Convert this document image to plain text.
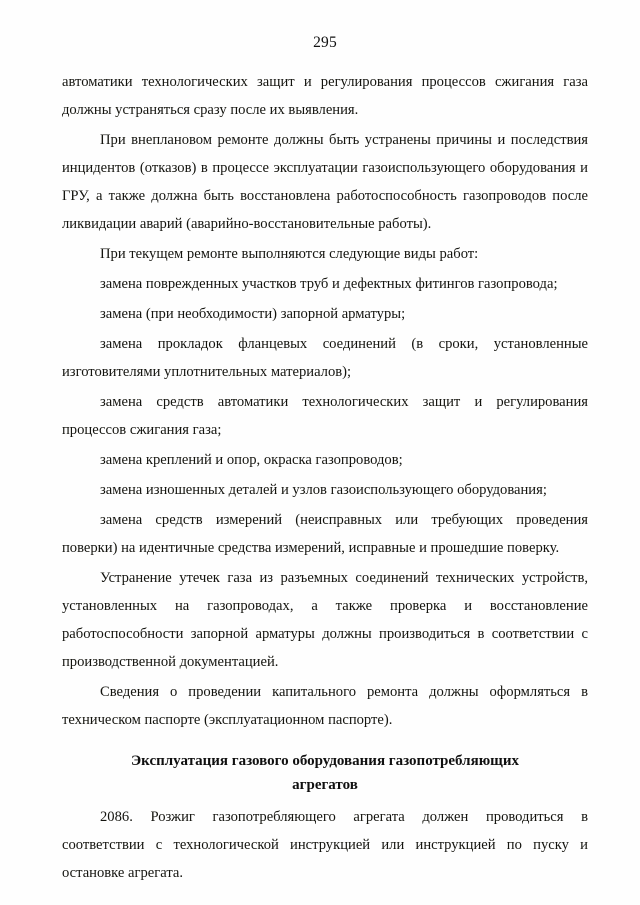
295

автоматики технологических защит и регулирования процессов сжигания газа должны устраняться сразу после их выявления.

При внеплановом ремонте должны быть устранены причины и последствия инцидентов (отказов) в процессе эксплуатации газоиспользующего оборудования и ГРУ, а также должна быть восстановлена работоспособность газопроводов после ликвидации аварий (аварийно-восстановительные работы).

При текущем ремонте выполняются следующие виды работ:

замена поврежденных участков труб и дефектных фитингов газопровода;

замена (при необходимости) запорной арматуры;

замена прокладок фланцевых соединений (в сроки, установленные изготовителями уплотнительных материалов);

замена средств автоматики технологических защит и регулирования процессов сжигания газа;

замена креплений и опор, окраска газопроводов;

замена изношенных деталей и узлов газоиспользующего оборудования;

замена средств измерений (неисправных или требующих проведения поверки) на идентичные средства измерений, исправные и прошедшие поверку.

Устранение утечек газа из разъемных соединений технических устройств, установленных на газопроводах, а также проверка и восстановление работоспособности запорной арматуры должны производиться в соответствии с производственной документацией.

Сведения о проведении капитального ремонта должны оформляться в техническом паспорте (эксплуатационном паспорте).

Эксплуатация газового оборудования газопотребляющих агрегатов

2086. Розжиг газопотребляющего агрегата должен проводиться в соответствии с технологической инструкцией или инструкцией по пуску и остановке агрегата.
